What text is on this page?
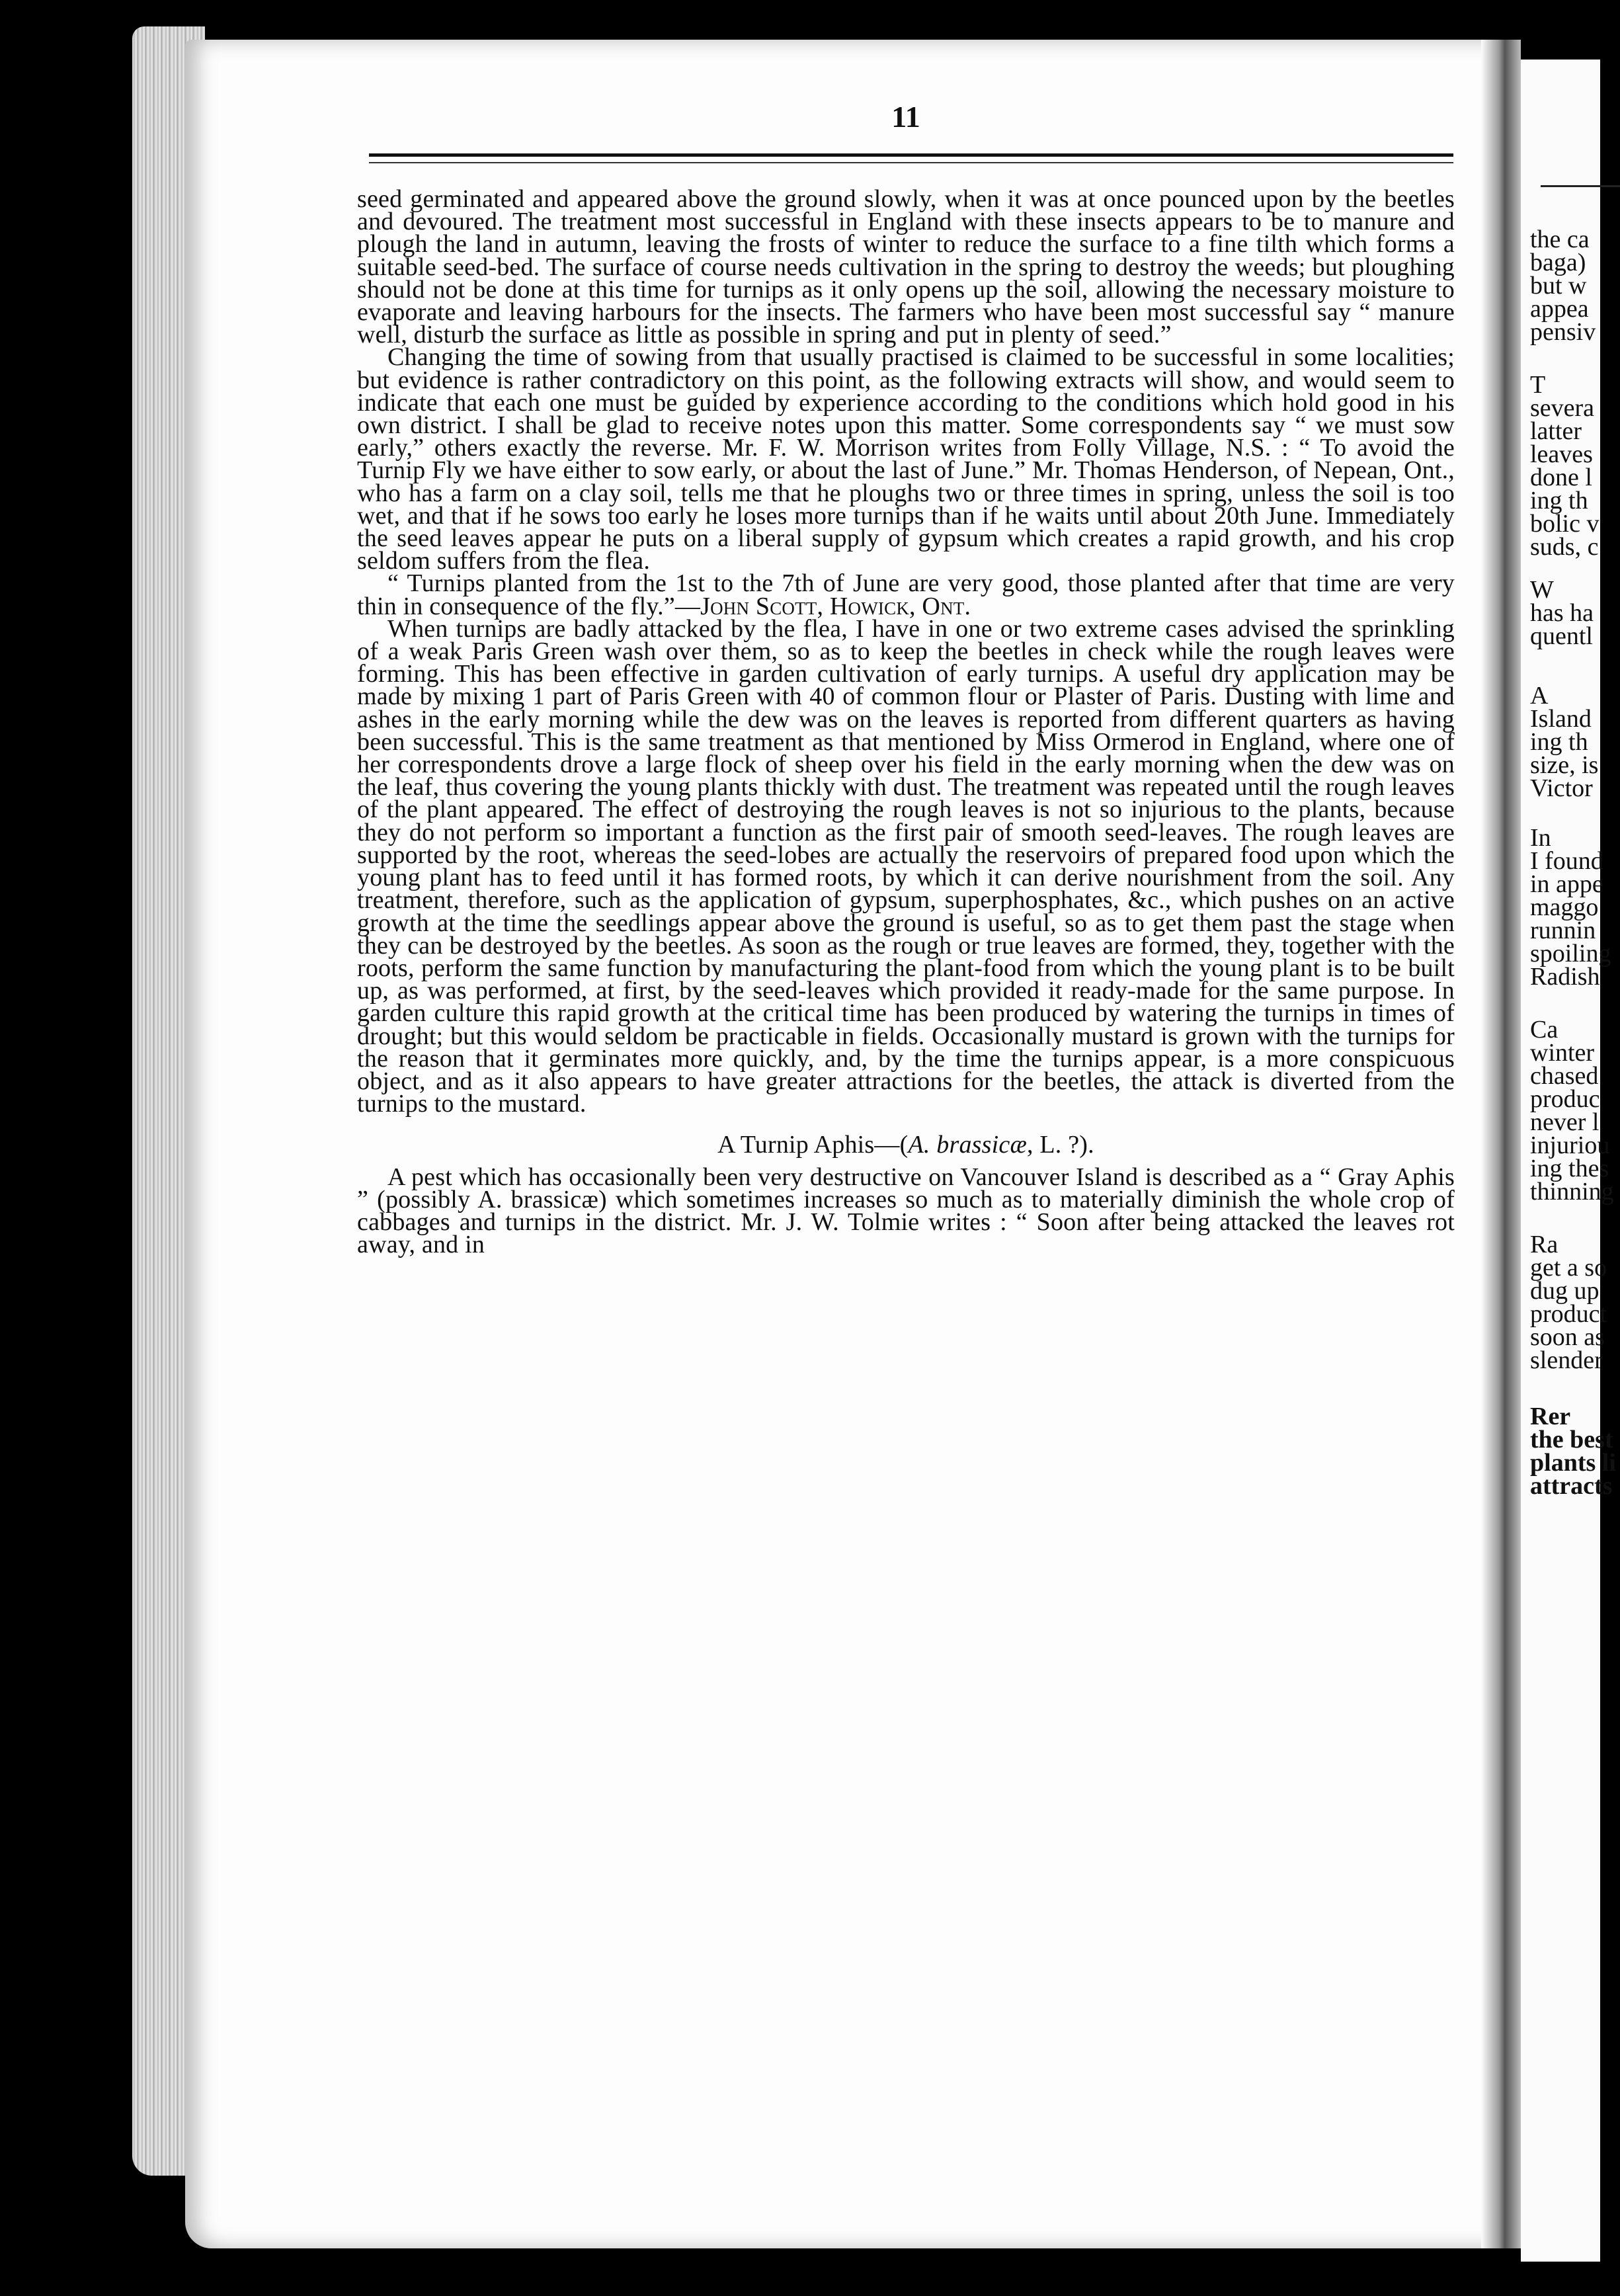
the ca
baga)
but w
appea
pensiv
T
severa
latter
leaves
done l
ing th
bolic v
suds, c
W
has ha
quentl
A
Island
ing th
size, is
Victor
In
I found
in appe
maggo
runnin
spoiling
Radish
Ca
winter
chased
produc
never l
injuriou
ing thes
thinning
Ra
get a so
dug up
product
soon as
slender
Rer
the best
plants li
attracts
11

seed germinated and appeared above the ground slowly, when it was at once pounced upon by the beetles and devoured. The treatment most successful in England with these insects appears to be to manure and plough the land in autumn, leaving the frosts of winter to reduce the surface to a fine tilth which forms a suitable seed-bed. The surface of course needs cultivation in the spring to destroy the weeds; but ploughing should not be done at this time for turnips as it only opens up the soil, allowing the necessary moisture to evaporate and leaving harbours for the insects. The farmers who have been most successful say “ manure well, disturb the surface as little as possible in spring and put in plenty of seed.”

Changing the time of sowing from that usually practised is claimed to be successful in some localities; but evidence is rather contradictory on this point, as the following extracts will show, and would seem to indicate that each one must be guided by experience according to the conditions which hold good in his own district. I shall be glad to receive notes upon this matter. Some correspondents say “ we must sow early,” others exactly the reverse. Mr. F. W. Morrison writes from Folly Village, N.S. : “ To avoid the Turnip Fly we have either to sow early, or about the last of June.” Mr. Thomas Henderson, of Nepean, Ont., who has a farm on a clay soil, tells me that he ploughs two or three times in spring, unless the soil is too wet, and that if he sows too early he loses more turnips than if he waits until about 20th June. Immediately the seed leaves appear he puts on a liberal supply of gypsum which creates a rapid growth, and his crop seldom suffers from the flea.

“ Turnips planted from the 1st to the 7th of June are very good, those planted after that time are very thin in consequence of the fly.”—John Scott, Howick, Ont.

When turnips are badly attacked by the flea, I have in one or two extreme cases advised the sprinkling of a weak Paris Green wash over them, so as to keep the beetles in check while the rough leaves were forming. This has been effective in garden cultivation of early turnips. A useful dry application may be made by mixing 1 part of Paris Green with 40 of common flour or Plaster of Paris. Dusting with lime and ashes in the early morning while the dew was on the leaves is reported from different quarters as having been successful. This is the same treatment as that mentioned by Miss Ormerod in England, where one of her correspondents drove a large flock of sheep over his field in the early morning when the dew was on the leaf, thus covering the young plants thickly with dust. The treatment was repeated until the rough leaves of the plant appeared. The effect of destroying the rough leaves is not so injurious to the plants, because they do not perform so important a function as the first pair of smooth seed-leaves. The rough leaves are supported by the root, whereas the seed-lobes are actually the reservoirs of prepared food upon which the young plant has to feed until it has formed roots, by which it can derive nourishment from the soil. Any treatment, therefore, such as the application of gypsum, superphosphates, &c., which pushes on an active growth at the time the seedlings appear above the ground is useful, so as to get them past the stage when they can be destroyed by the beetles. As soon as the rough or true leaves are formed, they, together with the roots, perform the same function by manufacturing the plant-food from which the young plant is to be built up, as was performed, at first, by the seed-leaves which provided it ready-made for the same purpose. In garden culture this rapid growth at the critical time has been produced by watering the turnips in times of drought; but this would seldom be practicable in fields. Occasionally mustard is grown with the turnips for the reason that it germinates more quickly, and, by the time the turnips appear, is a more conspicuous object, and as it also appears to have greater attractions for the beetles, the attack is diverted from the turnips to the mustard.

A Turnip Aphis—(A. brassicæ, L. ?).

A pest which has occasionally been very destructive on Vancouver Island is described as a “ Gray Aphis ” (possibly A. brassicæ) which sometimes increases so much as to materially diminish the whole crop of cabbages and turnips in the district. Mr. J. W. Tolmie writes : “ Soon after being attacked the leaves rot away, and in
